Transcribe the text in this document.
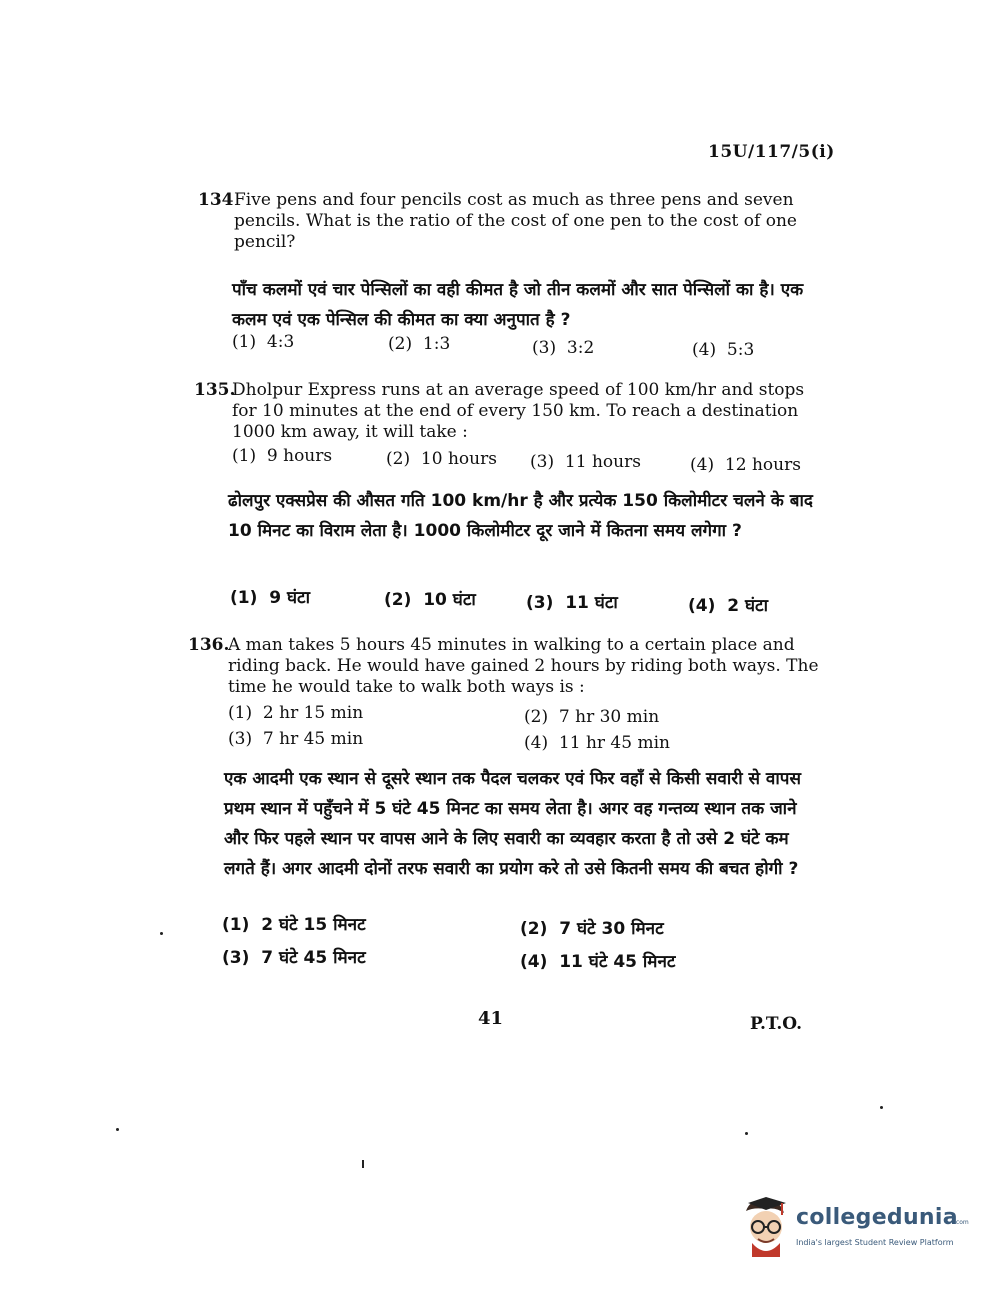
15U/117/5(i)
134 Five pens and four pencils cost as much as three pens and seven pencils. What is the ratio of the cost of one pen to the cost of one pencil?
पाँच कलमों एवं चार पेन्सिलों का वही कीमत है जो तीन कलमों और सात पेन्सिलों का है। एक कलम एवं एक पेन्सिल की कीमत का क्या अनुपात है ?
(1) 4:3	(2) 1:3	(3) 3:2	(4) 5:3
135.
Dholpur Express runs at an average speed of 100 km/hr and stops for 10 minutes at the end of every 150 km. To reach a destination 1000 km away, it will take :
(1) 9 hours	(2) 10 hours (3) 11 hours	(4) 12 hours
ढोलपुर एक्सप्रेस की औसत गति 100 km/hr है और प्रत्येक 150 किलोमीटर चलने के बाद 10 मिनट का विराम लेता है। 1000 किलोमीटर दूर जाने में कितना समय लगेगा ?
(1) 9 घंटा	(2) 10 घंटा	(3) 11 घंटा	(4) 2 घंटा
136.
A man takes 5 hours 45 minutes in walking to a certain place and riding back. He would have gained 2 hours by riding both ways. The time he would take to walk both ways is :
(1) 2 hr 15 min	(2) 7 hr 30 min
(3) 7 hr 45 min	(4) 11 hr 45 min
एक आदमी एक स्थान से दूसरे स्थान तक पैदल चलकर एवं फिर वहाँ से किसी सवारी से वापस प्रथम स्थान में पहुँचने में 5 घंटे 45 मिनट का समय लेता है। अगर वह गन्तव्य स्थान तक जाने और फिर पहले स्थान पर वापस आने के लिए सवारी का व्यवहार करता है तो उसे 2 घंटे कम लगते हैं। अगर आदमी दोनों तरफ सवारी का प्रयोग करे तो उसे कितनी समय की बचत होगी ?
(1) 2 घंटे 15 मिनट	(2) 7 घंटे 30 मिनट
(3) 7 घंटे 45 मिनट	(4) 11 घंटे 45 मिनट
41	P.T.O.
collegedunia
.com
India's largest Student Review Platform
